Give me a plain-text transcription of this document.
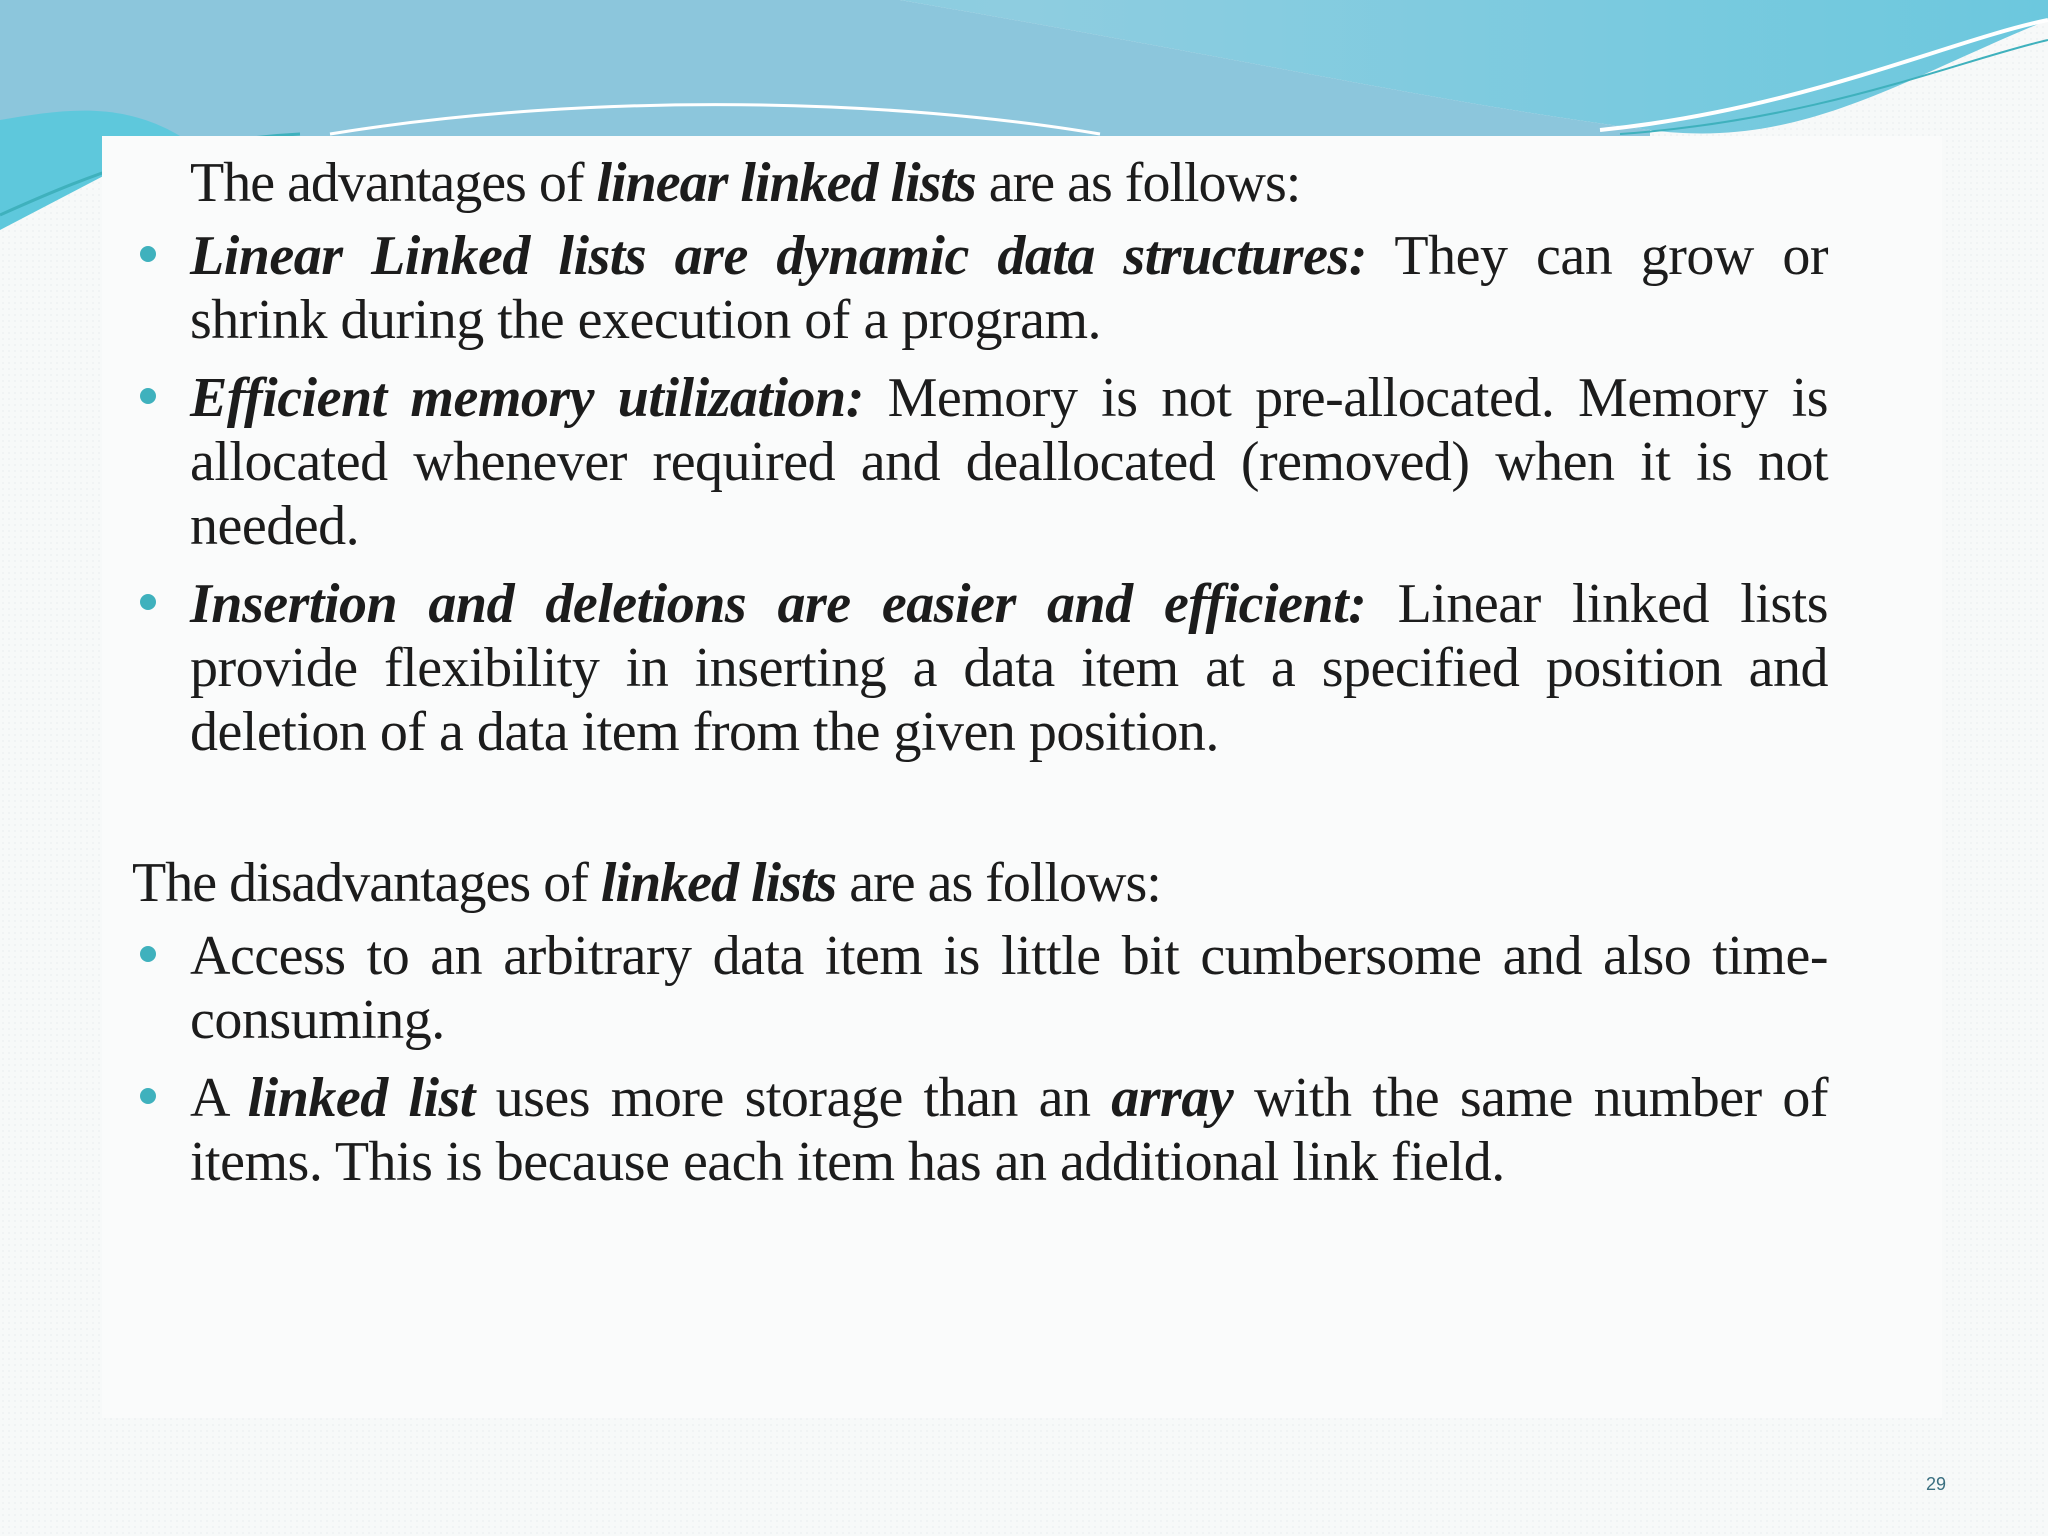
The advantages of linear linked lists are as follows:

Linear Linked lists are dynamic data structures: They can grow or shrink during the execution of a program.
Efficient memory utilization: Memory is not pre-allocated. Memory is allocated whenever required and deallocated (removed) when it is not needed.
Insertion and deletions are easier and efficient: Linear linked lists provide flexibility in inserting a data item at a specified position and deletion of a data item from the given position.

The disadvantages of linked lists are as follows:

Access to an arbitrary data item is little bit cumbersome and also time-consuming.
A linked list uses more storage than an array with the same number of items. This is because each item has an additional link field.
29
